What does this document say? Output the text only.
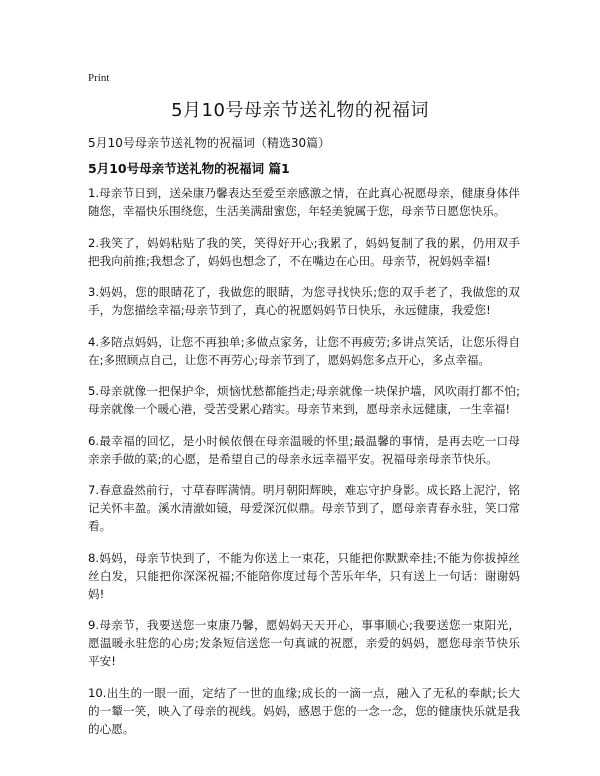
Print
5月10号母亲节送礼物的祝福词
5月10号母亲节送礼物的祝福词（精选30篇）
5月10号母亲节送礼物的祝福词 篇1

1.母亲节日到，送朵康乃馨表达至爱至亲感激之情，在此真心祝愿母亲，健康身体伴随您，幸福快乐围绕您，生活美满甜蜜您，年轻美貌属于您，母亲节日愿您快乐。

2.我笑了，妈妈粘贴了我的笑，笑得好开心;我累了，妈妈复制了我的累，仍用双手把我向前推;我想念了，妈妈也想念了，不在嘴边在心田。母亲节，祝妈妈幸福!

3.妈妈，您的眼睛花了，我做您的眼睛，为您寻找快乐;您的双手老了，我做您的双手，为您描绘幸福;母亲节到了，真心的祝愿妈妈节日快乐，永远健康，我爱您!

4.多陪点妈妈，让您不再独单;多做点家务，让您不再疲劳;多讲点笑话，让您乐得自在;多照顾点自己，让您不再劳心;母亲节到了，愿妈妈您多点开心，多点幸福。

5.母亲就像一把保护伞，烦恼忧愁都能挡走;母亲就像一块保护墙，风吹雨打都不怕;母亲就像一个暖心港，受苦受累心踏实。母亲节来到，愿母亲永远健康，一生幸福!

6.最幸福的回忆，是小时候依偎在母亲温暖的怀里;最温馨的事情，是再去吃一口母亲亲手做的菜;的心愿，是希望自己的母亲永远幸福平安。祝福母亲母亲节快乐。

7.春意盎然前行，寸草春晖满情。明月朝阳辉映，难忘守护身影。成长路上泥泞，铭记关怀丰盈。溪水清澈如镜，母爱深沉似鼎。母亲节到了，愿母亲青春永驻，笑口常看。

8.妈妈，母亲节快到了，不能为你送上一束花，只能把你默默牵挂;不能为你拔掉丝丝白发，只能把你深深祝福;不能陪你度过每个苦乐年华，只有送上一句话：谢谢妈妈!

9.母亲节，我要送您一束康乃馨，愿妈妈天天开心，事事顺心;我要送您一束阳光，愿温暖永驻您的心房;发条短信送您一句真诚的祝愿，亲爱的妈妈，愿您母亲节快乐平安!

10.出生的一眼一面，定结了一世的血缘;成长的一滴一点，融入了无私的奉献;长大的一颦一笑，映入了母亲的视线。妈妈，感恩于您的一念一念，您的健康快乐就是我的心愿。
